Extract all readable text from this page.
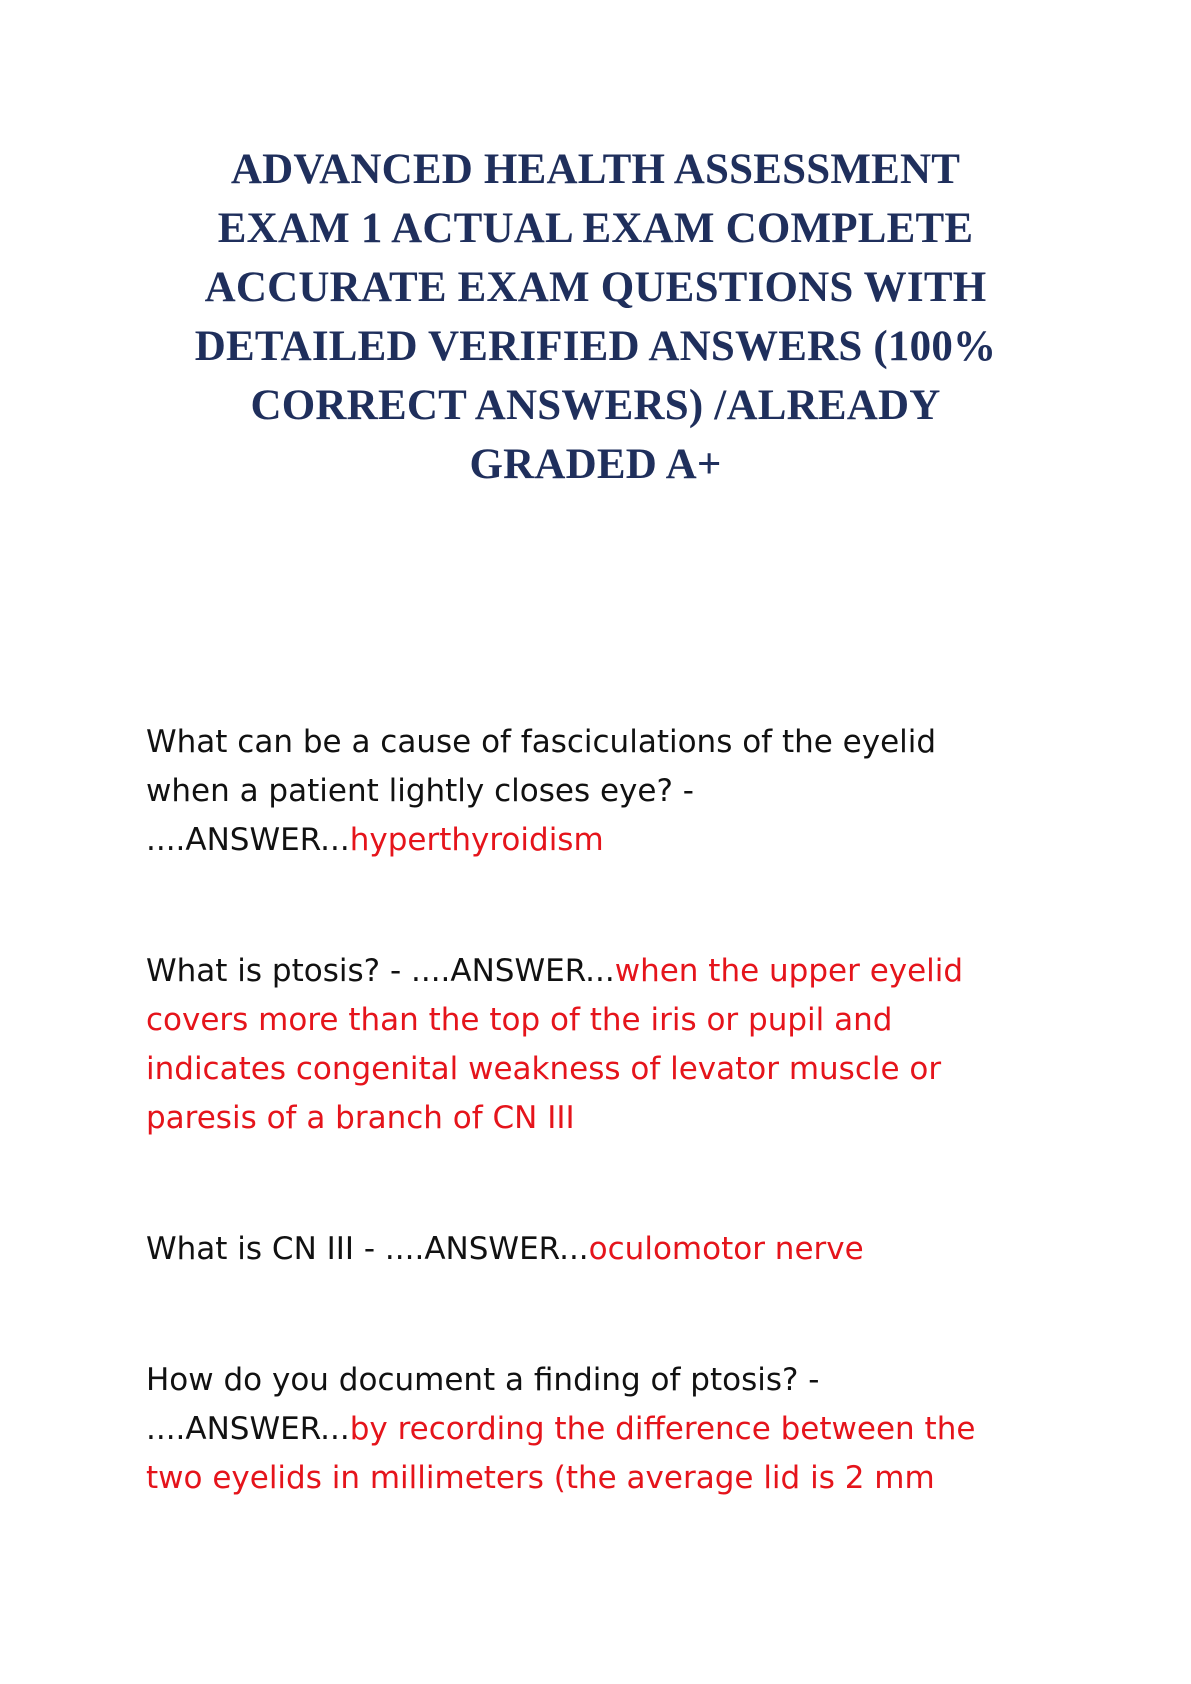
ADVANCED HEALTH ASSESSMENT
EXAM 1 ACTUAL EXAM COMPLETE
ACCURATE EXAM QUESTIONS WITH
DETAILED VERIFIED ANSWERS (100%
CORRECT ANSWERS) /ALREADY
GRADED A+
What can be a cause of fasciculations of the eyelid
when a patient lightly closes eye? -
....ANSWER...hyperthyroidism
What is ptosis? - ....ANSWER...when the upper eyelid
covers more than the top of the iris or pupil and
indicates congenital weakness of levator muscle or
paresis of a branch of CN III
What is CN III - ....ANSWER...oculomotor nerve
How do you document a finding of ptosis? -
....ANSWER...by recording the difference between the
two eyelids in millimeters (the average lid is 2 mm
